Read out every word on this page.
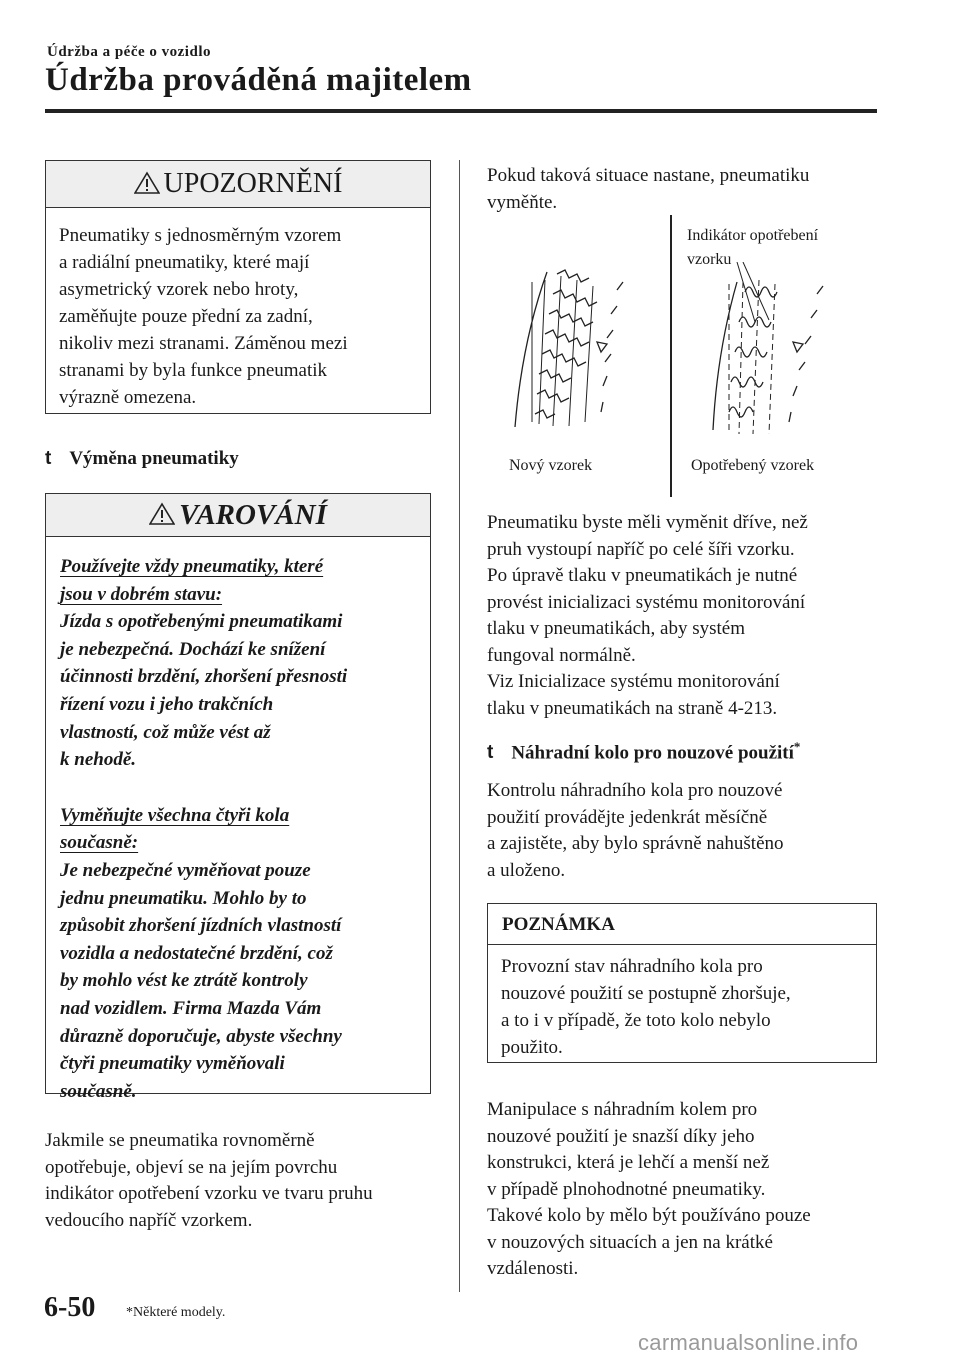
Údržba a péče o vozidlo
Údržba prováděná majitelem
UPOZORNĚNÍ
Pneumatiky s jednosměrným vzorem
a radiální pneumatiky, které mají
asymetrický vzorek nebo hroty,
zaměňujte pouze přední za zadní,
nikoliv mezi stranami. Záměnou mezi
stranami by byla funkce pneumatik
výrazně omezena.
t Výměna pneumatiky
VAROVÁNÍ

Používejte vždy pneumatiky, které

jsou v dobrém stavu:

Jízda s opotřebenými pneumatikami

je nebezpečná. Dochází ke snížení

účinnosti brzdění, zhoršení přesnosti

řízení vozu i jeho trakčních

vlastností, což může vést až

k nehodě.

Vyměňujte všechna čtyři kola

současně:

Je nebezpečné vyměňovat pouze

jednu pneumatiku. Mohlo by to

způsobit zhoršení jízdních vlastností

vozidla a nedostatečné brzdění, což

by mohlo vést ke ztrátě kontroly

nad vozidlem. Firma Mazda Vám

důrazně doporučuje, abyste všechny

čtyři pneumatiky vyměňovali

současně.

Jakmile se pneumatika rovnoměrně

opotřebuje, objeví se na jejím povrchu

indikátor opotřebení vzorku ve tvaru pruhu

vedoucího napříč vzorkem.

Pokud taková situace nastane, pneumatiku

vyměňte.

Indikátor opotřebení
vzorku
Nový vzorek	Opotřebený vzorek

Pneumatiku byste měli vyměnit dříve, než

pruh vystoupí napříč po celé šíři vzorku.

Po úpravě tlaku v pneumatikách je nutné

provést inicializaci systému monitorování

tlaku v pneumatikách, aby systém

fungoval normálně.

Viz Inicializace systému monitorování

tlaku v pneumatikách na straně 4-213.

t Náhradní kolo pro nouzové použití*

Kontrolu náhradního kola pro nouzové

použití provádějte jedenkrát měsíčně

a zajistěte, aby bylo správně nahuštěno

a uloženo.

POZNÁMKA
Provozní stav náhradního kola pro
nouzové použití se postupně zhoršuje,
a to i v případě, že toto kolo nebylo
použito.

Manipulace s náhradním kolem pro

nouzové použití je snazší díky jeho

konstrukci, která je lehčí a menší než

v případě plnohodnotné pneumatiky.

Takové kolo by mělo být používáno pouze

v nouzových situacích a jen na krátké

vzdálenosti.

6-50 *Některé modely.
carmanualsonline.info
